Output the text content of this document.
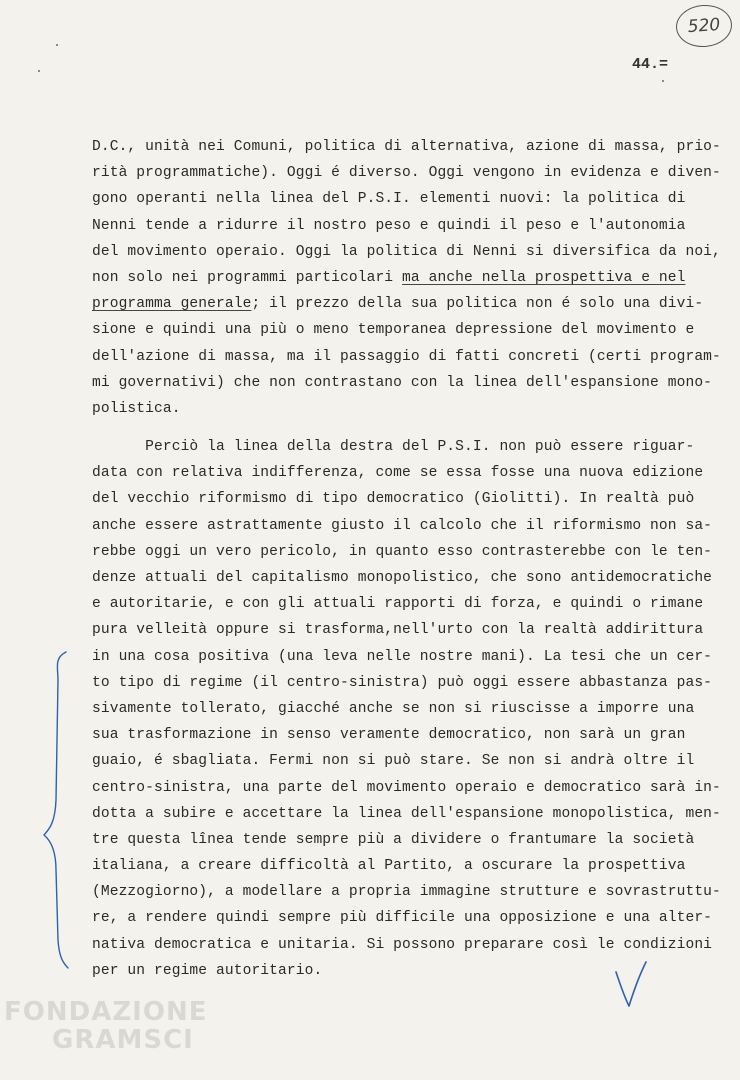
520
44.=
D.C., unità nei Comuni, politica di alternativa, azione di massa, prio-
rità programmatiche). Oggi é diverso. Oggi vengono in evidenza e diven-
gono operanti nella linea del P.S.I. elementi nuovi: la politica di
Nenni tende a ridurre il nostro peso e quindi il peso e l'autonomia
del movimento operaio. Oggi la politica di Nenni si diversifica da noi,
non solo nei programmi particolari ma anche nella prospettiva e nel
programma generale; il prezzo della sua politica non é solo una divi-
sione e quindi una più o meno temporanea depressione del movimento e
dell'azione di massa, ma il passaggio di fatti concreti (certi program-
mi governativi) che non contrastano con la linea dell'espansione mono-
polistica.
Perciò la linea della destra del P.S.I. non può essere riguar-
data con relativa indifferenza, come se essa fosse una nuova edizione
del vecchio riformismo di tipo democratico (Giolitti). In realtà può
anche essere astrattamente giusto il calcolo che il riformismo non sa-
rebbe oggi un vero pericolo, in quanto esso contrasterebbe con le ten-
denze attuali del capitalismo monopolistico, che sono antidemocratiche
e autoritarie, e con gli attuali rapporti di forza, e quindi o rimane
pura velleità oppure si trasforma,nell'urto con la realtà addirittura
in una cosa positiva (una leva nelle nostre mani). La tesi che un cer-
to tipo di regime (il centro-sinistra) può oggi essere abbastanza pas-
sivamente tollerato, giacché anche se non si riuscisse a imporre una
sua trasformazione in senso veramente democratico, non sarà un gran
guaio, é sbagliata. Fermi non si può stare. Se non si andrà oltre il
centro-sinistra, una parte del movimento operaio e democratico sarà in-
dotta a subire e accettare la linea dell'espansione monopolistica, men-
tre questa lînea tende sempre più a dividere o frantumare la società
italiana, a creare difficoltà al Partito, a oscurare la prospettiva
(Mezzogiorno), a modellare a propria immagine strutture e sovrastruttu-
re, a rendere quindi sempre più difficile una opposizione e una alter-
nativa democratica e unitaria. Si possono preparare così le condizioni
per un regime autoritario.
FONDAZIONE
GRAMSCI
